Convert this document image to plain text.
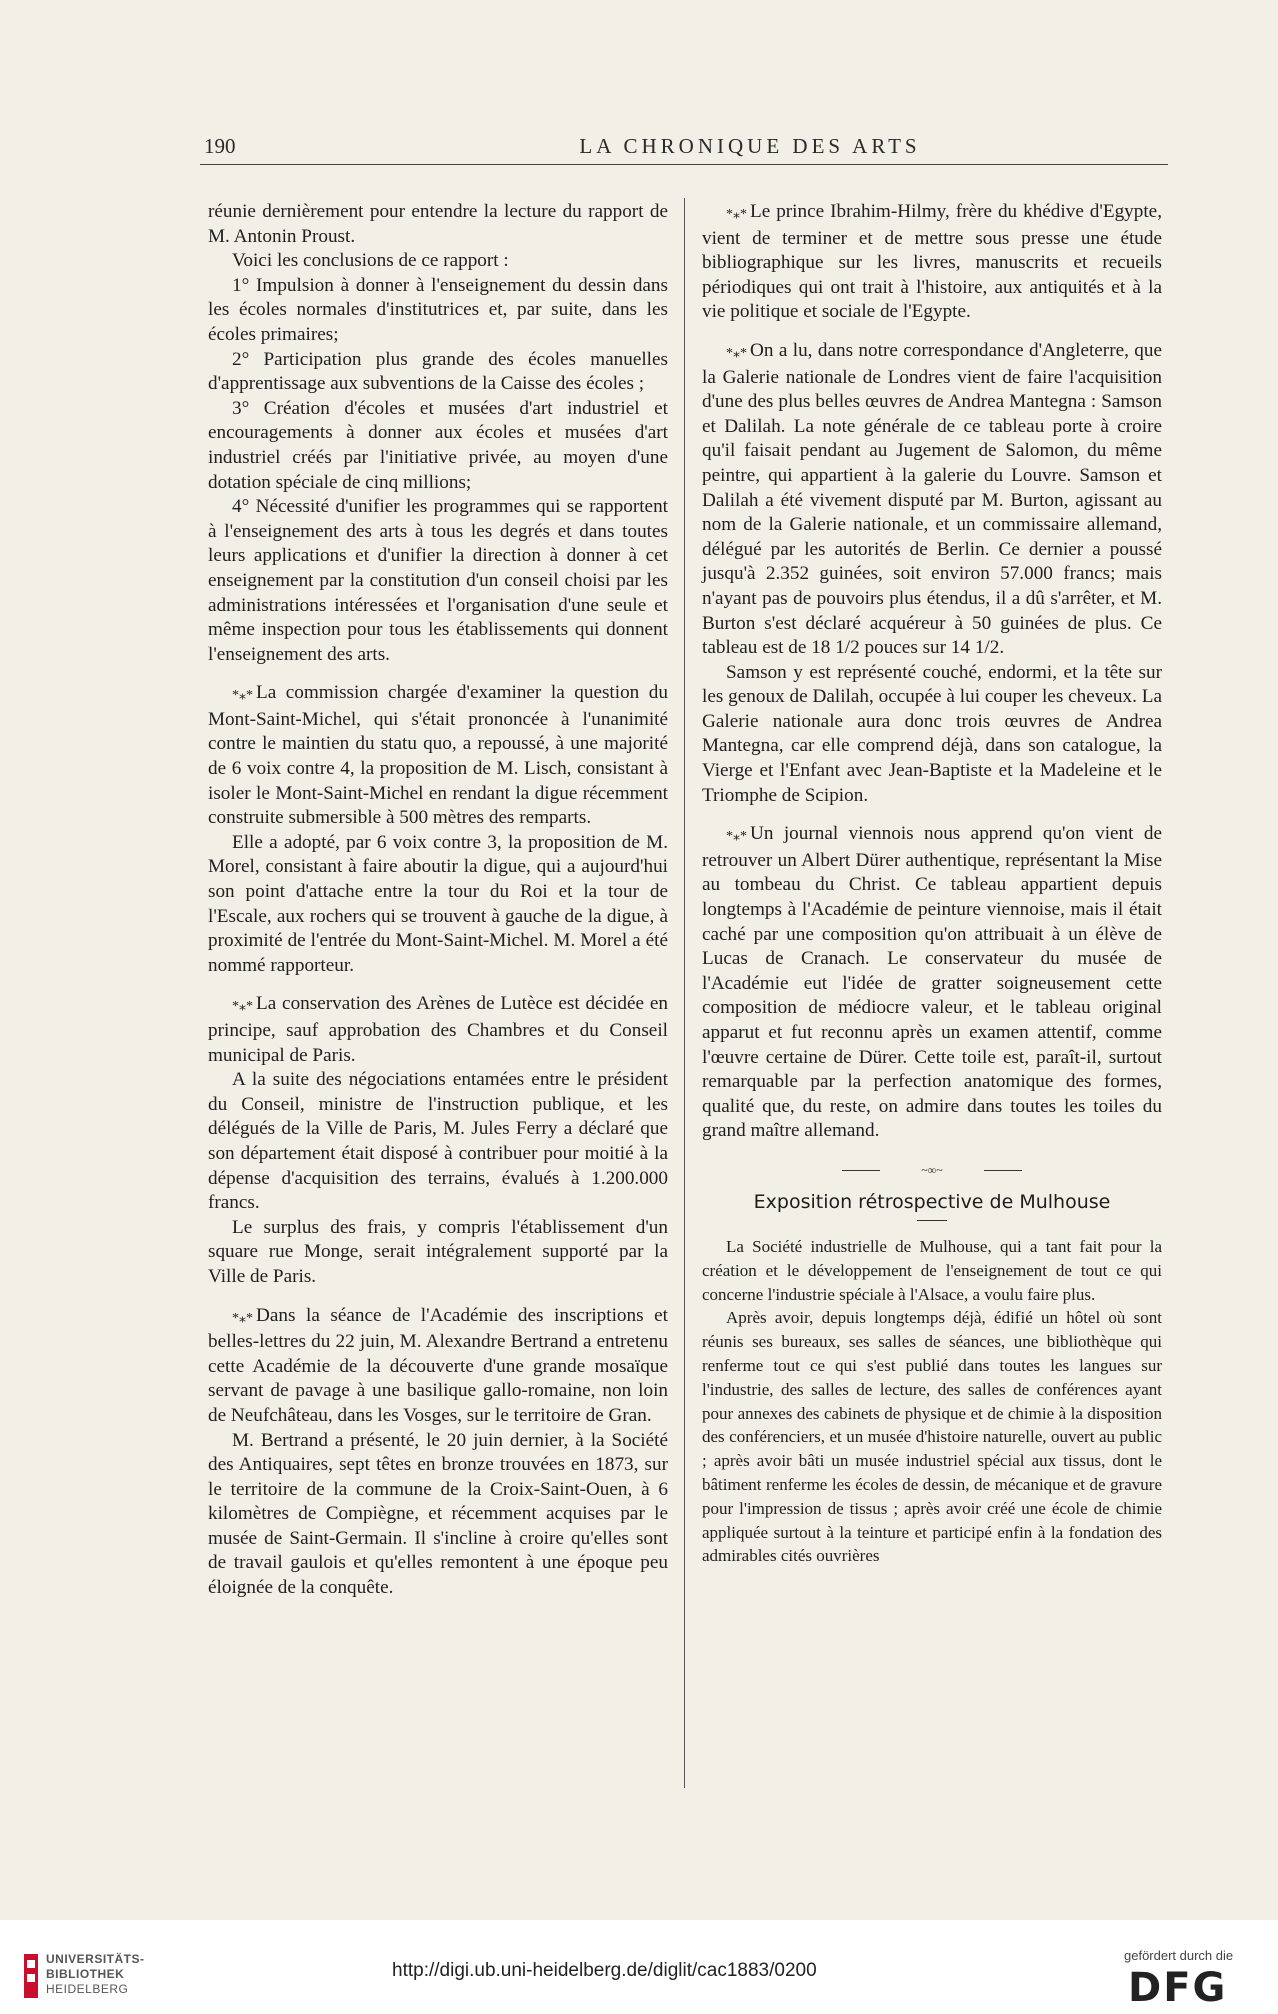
190	LA CHRONIQUE DES ARTS

réunie dernièrement pour entendre la lecture du rapport de M. Antonin Proust.

Voici les conclusions de ce rapport :

1° Impulsion à donner à l'enseignement du dessin dans les écoles normales d'institutrices et, par suite, dans les écoles primaires;

2° Participation plus grande des écoles manuelles d'apprentissage aux subventions de la Caisse des écoles ;

3° Création d'écoles et musées d'art industriel et encouragements à donner aux écoles et musées d'art industriel créés par l'initiative privée, au moyen d'une dotation spéciale de cinq millions;

4° Nécessité d'unifier les programmes qui se rapportent à l'enseignement des arts à tous les degrés et dans toutes leurs applications et d'unifier la direction à donner à cet enseignement par la constitution d'un conseil choisi par les administrations intéressées et l'organisation d'une seule et même inspection pour tous les établissements qui donnent l'enseignement des arts.

*⁎* La commission chargée d'examiner la question du Mont-Saint-Michel, qui s'était prononcée à l'unanimité contre le maintien du statu quo, a repoussé, à une majorité de 6 voix contre 4, la proposition de M. Lisch, consistant à isoler le Mont-Saint-Michel en rendant la digue récemment construite submersible à 500 mètres des remparts.

Elle a adopté, par 6 voix contre 3, la proposition de M. Morel, consistant à faire aboutir la digue, qui a aujourd'hui son point d'attache entre la tour du Roi et la tour de l'Escale, aux rochers qui se trouvent à gauche de la digue, à proximité de l'entrée du Mont-Saint-Michel. M. Morel a été nommé rapporteur.

*⁎* La conservation des Arènes de Lutèce est décidée en principe, sauf approbation des Chambres et du Conseil municipal de Paris.

A la suite des négociations entamées entre le président du Conseil, ministre de l'instruction publique, et les délégués de la Ville de Paris, M. Jules Ferry a déclaré que son département était disposé à contribuer pour moitié à la dépense d'acquisition des terrains, évalués à 1.200.000 francs.

Le surplus des frais, y compris l'établissement d'un square rue Monge, serait intégralement supporté par la Ville de Paris.

*⁎* Dans la séance de l'Académie des inscriptions et belles-lettres du 22 juin, M. Alexandre Bertrand a entretenu cette Académie de la découverte d'une grande mosaïque servant de pavage à une basilique gallo-romaine, non loin de Neufchâteau, dans les Vosges, sur le territoire de Gran.

M. Bertrand a présenté, le 20 juin dernier, à la Société des Antiquaires, sept têtes en bronze trouvées en 1873, sur le territoire de la commune de la Croix-Saint-Ouen, à 6 kilomètres de Compiègne, et récemment acquises par le musée de Saint-Germain. Il s'incline à croire qu'elles sont de travail gaulois et qu'elles remontent à une époque peu éloignée de la conquête.

*⁎* Le prince Ibrahim-Hilmy, frère du khédive d'Egypte, vient de terminer et de mettre sous presse une étude bibliographique sur les livres, manuscrits et recueils périodiques qui ont trait à l'histoire, aux antiquités et à la vie politique et sociale de l'Egypte.

*⁎* On a lu, dans notre correspondance d'Angleterre, que la Galerie nationale de Londres vient de faire l'acquisition d'une des plus belles œuvres de Andrea Mantegna : Samson et Dalilah. La note générale de ce tableau porte à croire qu'il faisait pendant au Jugement de Salomon, du même peintre, qui appartient à la galerie du Louvre. Samson et Dalilah a été vivement disputé par M. Burton, agissant au nom de la Galerie nationale, et un commissaire allemand, délégué par les autorités de Berlin. Ce dernier a poussé jusqu'à 2.352 guinées, soit environ 57.000 francs; mais n'ayant pas de pouvoirs plus étendus, il a dû s'arrêter, et M. Burton s'est déclaré acquéreur à 50 guinées de plus. Ce tableau est de 18 1/2 pouces sur 14 1/2.

Samson y est représenté couché, endormi, et la tête sur les genoux de Dalilah, occupée à lui couper les cheveux. La Galerie nationale aura donc trois œuvres de Andrea Mantegna, car elle comprend déjà, dans son catalogue, la Vierge et l'Enfant avec Jean-Baptiste et la Madeleine et le Triomphe de Scipion.

*⁎* Un journal viennois nous apprend qu'on vient de retrouver un Albert Dürer authentique, représentant la Mise au tombeau du Christ. Ce tableau appartient depuis longtemps à l'Académie de peinture viennoise, mais il était caché par une composition qu'on attribuait à un élève de Lucas de Cranach. Le conservateur du musée de l'Académie eut l'idée de gratter soigneusement cette composition de médiocre valeur, et le tableau original apparut et fut reconnu après un examen attentif, comme l'œuvre certaine de Dürer. Cette toile est, paraît-il, surtout remarquable par la perfection anatomique des formes, qualité que, du reste, on admire dans toutes les toiles du grand maître allemand.

~∞~
Exposition rétrospective de Mulhouse

La Société industrielle de Mulhouse, qui a tant fait pour la création et le développement de l'enseignement de tout ce qui concerne l'industrie spéciale à l'Alsace, a voulu faire plus.

Après avoir, depuis longtemps déjà, édifié un hôtel où sont réunis ses bureaux, ses salles de séances, une bibliothèque qui renferme tout ce qui s'est publié dans toutes les langues sur l'industrie, des salles de lecture, des salles de conférences ayant pour annexes des cabinets de physique et de chimie à la disposition des conférenciers, et un musée d'histoire naturelle, ouvert au public ; après avoir bâti un musée industriel spécial aux tissus, dont le bâtiment renferme les écoles de dessin, de mécanique et de gravure pour l'impression de tissus ; après avoir créé une école de chimie appliquée surtout à la teinture et participé enfin à la fondation des admirables cités ouvrières

UNIVERSITÄTS-
BIBLIOTHEK
HEIDELBERG
http://digi.ub.uni-heidelberg.de/diglit/cac1883/0200
gefördert durch die
DFG
